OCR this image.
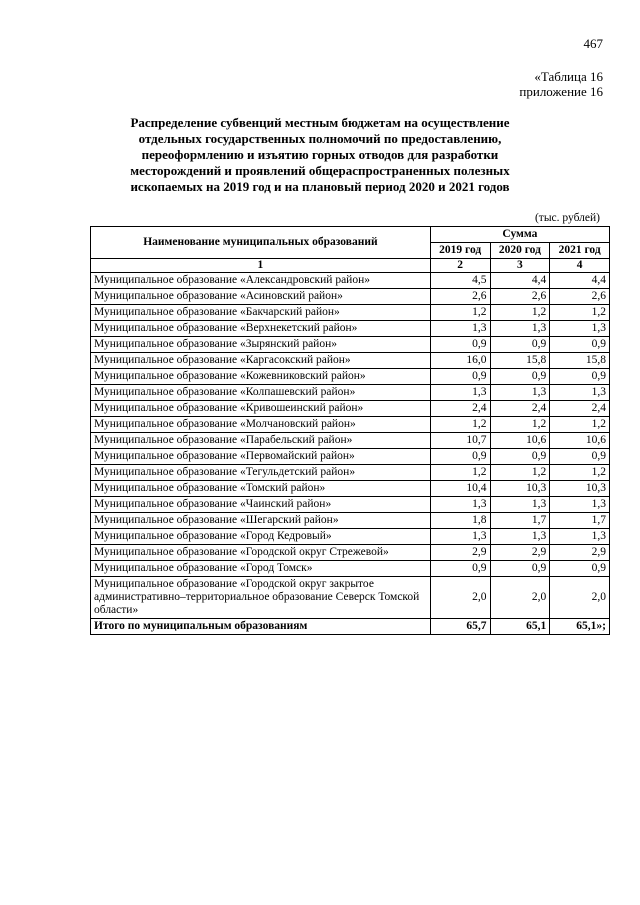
467
«Таблица 16
приложение 16
Распределение субвенций местным бюджетам на осуществление отдельных государственных полномочий по предоставлению, переоформлению и изъятию горных отводов для разработки месторождений и проявлений общераспространенных полезных ископаемых на 2019 год и на плановый период 2020 и 2021 годов
(тыс. рублей)
Наименование муниципальных образований	Сумма		
	2019 год	2020 год	2021 год
1	2	3	4
Муниципальное образование «Александровский район»	4,5	4,4	4,4
Муниципальное образование «Асиновский район»	2,6	2,6	2,6
Муниципальное образование «Бакчарский район»	1,2	1,2	1,2
Муниципальное образование «Верхнекетский район»	1,3	1,3	1,3
Муниципальное образование «Зырянский район»	0,9	0,9	0,9
Муниципальное образование «Каргасокский район»	16,0	15,8	15,8
Муниципальное образование «Кожевниковский район»	0,9	0,9	0,9
Муниципальное образование «Колпашевский район»	1,3	1,3	1,3
Муниципальное образование «Кривошеинский район»	2,4	2,4	2,4
Муниципальное образование «Молчановский район»	1,2	1,2	1,2
Муниципальное образование «Парабельский район»	10,7	10,6	10,6
Муниципальное образование «Первомайский район»	0,9	0,9	0,9
Муниципальное образование «Тегульдетский район»	1,2	1,2	1,2
Муниципальное образование «Томский район»	10,4	10,3	10,3
Муниципальное образование «Чаинский район»	1,3	1,3	1,3
Муниципальное образование «Шегарский район»	1,8	1,7	1,7
Муниципальное образование «Город Кедровый»	1,3	1,3	1,3
Муниципальное образование «Городской округ Стрежевой»	2,9	2,9	2,9
Муниципальное образование «Город Томск»	0,9	0,9	0,9
Муниципальное образование «Городской округ закрытое административно–территориальное образование Северск Томской области»	2,0	2,0	2,0
Итого по муниципальным образованиям	65,7	65,1	65,1»;
